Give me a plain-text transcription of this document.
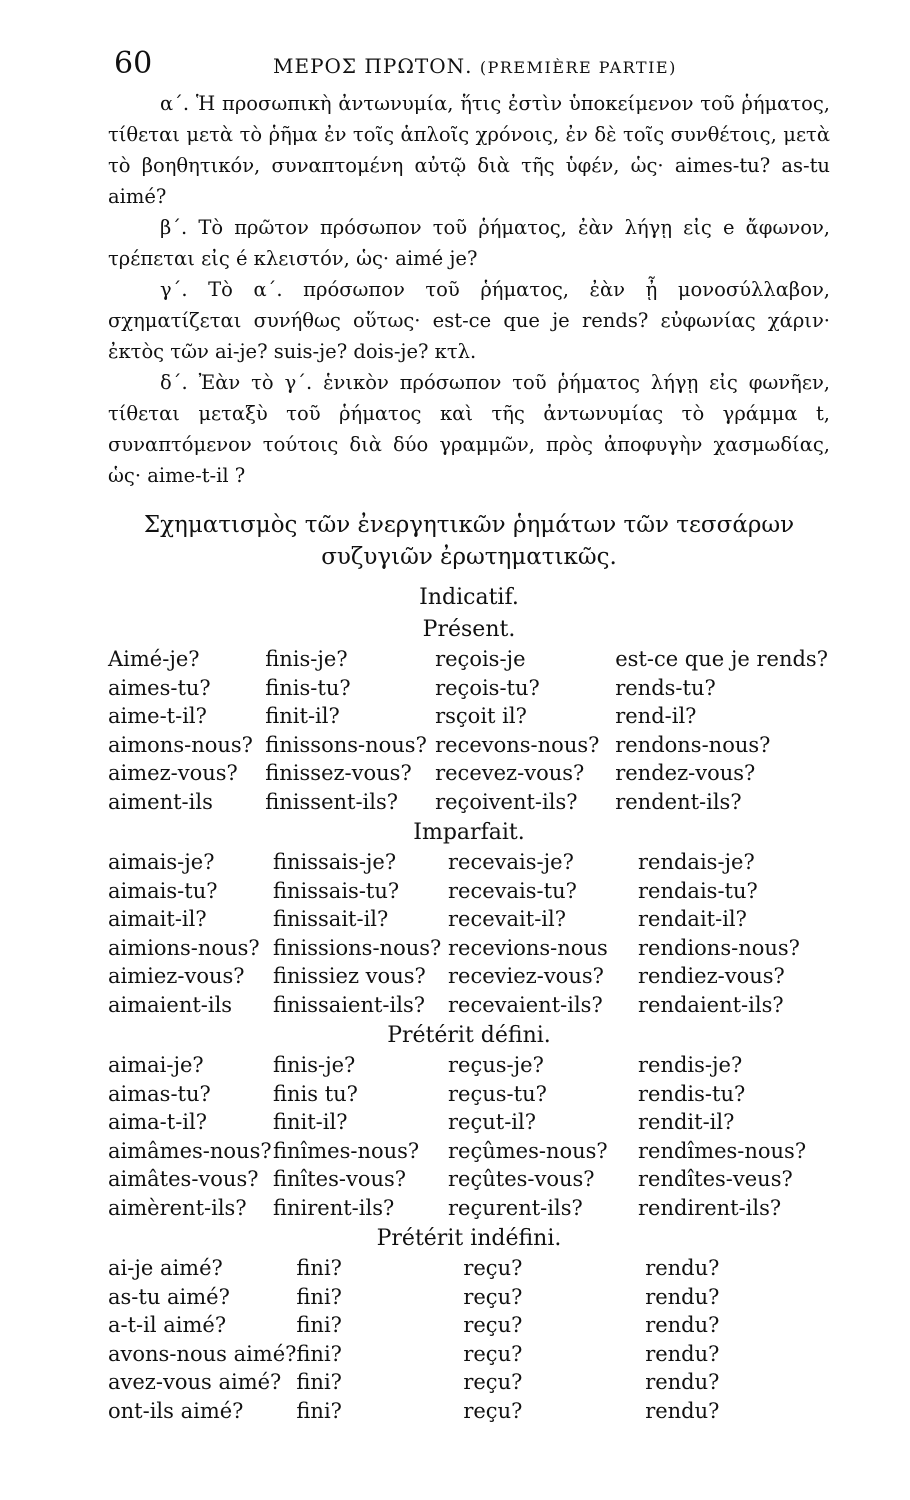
60	ΜΕΡΟΣ ΠΡΩΤΟΝ. (PREMIÈRE PARTIE)

α΄. Ἡ προσωπικὴ ἀντωνυμία, ἥτις ἐστὶν ὑποκείμενον τοῦ ῥήματος, τίθεται μετὰ τὸ ῥῆμα ἐν τοῖς ἁπλοῖς χρόνοις, ἐν δὲ τοῖς συνθέτοις, μετὰ τὸ βοηθητικόν, συναπτομένη αὐτῷ διὰ τῆς ὑφέν, ὡς· aimes-tu? as-tu aimé?

β΄. Τὸ πρῶτον πρόσωπον τοῦ ῥήματος, ἐὰν λήγῃ εἰς e ἄφωνον, τρέπεται εἰς é κλειστόν, ὡς· aimé je?

γ΄. Τὸ α΄. πρόσωπον τοῦ ῥήματος, ἐὰν ᾖ μονοσύλλαβον, σχηματίζεται συνήθως οὕτως· est-ce que je rends? εὐφωνίας χάριν· ἐκτὸς τῶν ai-je? suis-je? dois-je? κτλ.

δ΄. Ἐὰν τὸ γ΄. ἑνικὸν πρόσωπον τοῦ ῥήματος λήγῃ εἰς φωνῆεν, τίθεται μεταξὺ τοῦ ῥήματος καὶ τῆς ἀντωνυμίας τὸ γράμμα t, συναπτόμενον τούτοις διὰ δύο γραμμῶν, πρὸς ἀποφυγὴν χασμωδίας, ὡς· aime-t-il ?

Σχηματισμὸς τῶν ἐνεργητικῶν ῥημάτων τῶν τεσσάρων
συζυγιῶν ἐρωτηματικῶς.
Indicatif.
Présent.
Aimé-je?	finis-je?	reçois-je	est-ce que je rends?
aimes-tu?	finis-tu?	reçois-tu?	rends-tu?
aime-t-il?	finit-il?	rsçoit il?	rend-il?
aimons-nous?	finissons-nous?	recevons-nous?	rendons-nous?
aimez-vous?	finissez-vous?	recevez-vous?	rendez-vous?
aiment-ils	finissent-ils?	reçoivent-ils?	rendent-ils?
Imparfait.
aimais-je?	finissais-je?	recevais-je?	rendais-je?
aimais-tu?	finissais-tu?	recevais-tu?	rendais-tu?
aimait-il?	finissait-il?	recevait-il?	rendait-il?
aimions-nous?	finissions-nous?	recevions-nous	rendions-nous?
aimiez-vous?	finissiez vous?	receviez-vous?	rendiez-vous?
aimaient-ils	finissaient-ils?	recevaient-ils?	rendaient-ils?
Prétérit défini.
aimai-je?	finis-je?	reçus-je?	rendis-je?
aimas-tu?	finis tu?	reçus-tu?	rendis-tu?
aima-t-il?	finit-il?	reçut-il?	rendit-il?
aimâmes-nous?	finîmes-nous?	reçûmes-nous?	rendîmes-nous?
aimâtes-vous?	finîtes-vous?	reçûtes-vous?	rendîtes-veus?
aimèrent-ils?	finirent-ils?	reçurent-ils?	rendirent-ils?
Prétérit indéfini.
ai-je aimé?	fini?	reçu?	rendu?
as-tu aimé?	fini?	reçu?	rendu?
a-t-il aimé?	fini?	reçu?	rendu?
avons-nous aimé?	fini?	reçu?	rendu?
avez-vous aimé?	fini?	reçu?	rendu?
ont-ils aimé?	fini?	reçu?	rendu?
